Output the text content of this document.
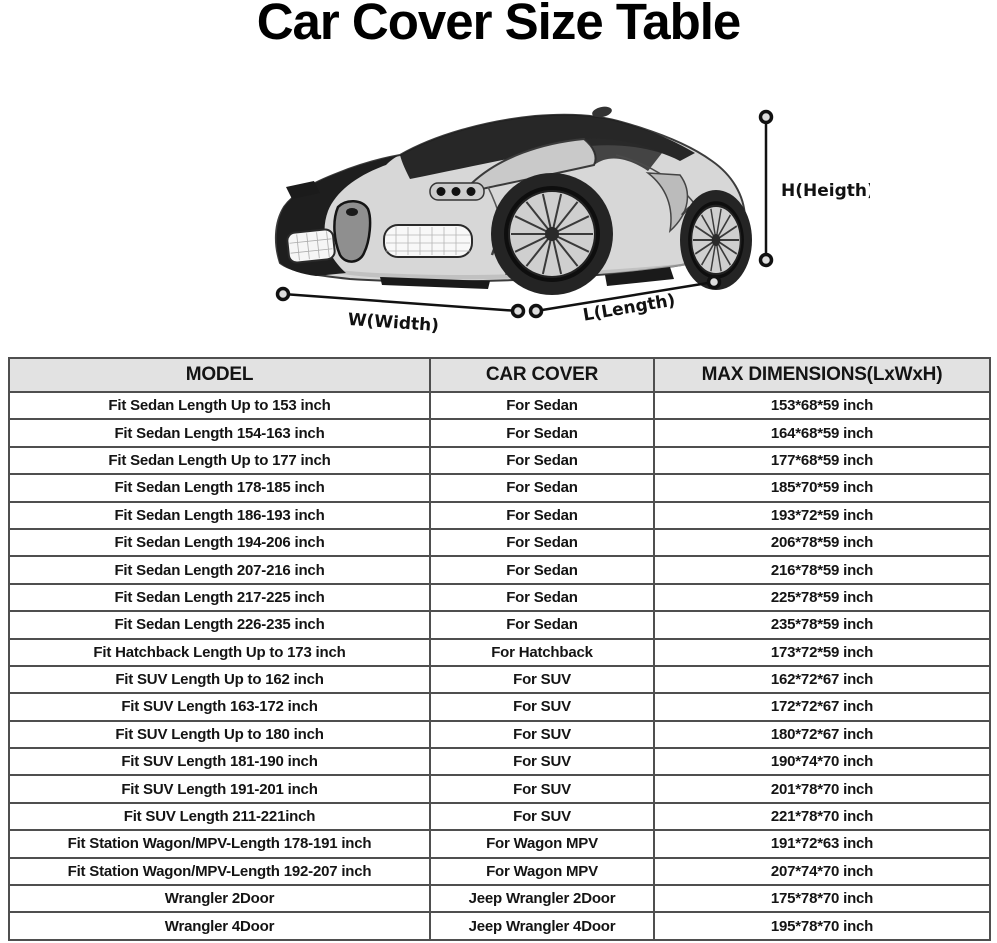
Car Cover Size Table
W(Width)	L(Length)
H(Heigth)
MODEL	CAR COVER	MAX DIMENSIONS(LxWxH)
Fit Sedan Length Up to 153 inch	For Sedan	153*68*59 inch
Fit Sedan Length 154-163 inch	For Sedan	164*68*59 inch
Fit Sedan Length Up to 177 inch	For Sedan	177*68*59 inch
Fit Sedan Length 178-185 inch	For Sedan	185*70*59 inch
Fit Sedan Length 186-193 inch	For Sedan	193*72*59 inch
Fit Sedan Length 194-206 inch	For Sedan	206*78*59 inch
Fit Sedan Length 207-216 inch	For Sedan	216*78*59 inch
Fit Sedan Length 217-225 inch	For Sedan	225*78*59 inch
Fit Sedan Length 226-235 inch	For Sedan	235*78*59 inch
Fit Hatchback Length Up to 173 inch	For Hatchback	173*72*59 inch
Fit SUV Length Up to 162 inch	For SUV	162*72*67 inch
Fit SUV Length 163-172 inch	For SUV	172*72*67 inch
Fit SUV Length Up to 180 inch	For SUV	180*72*67 inch
Fit SUV Length 181-190 inch	For SUV	190*74*70 inch
Fit SUV Length 191-201 inch	For SUV	201*78*70 inch
Fit SUV Length 211-221inch	For SUV	221*78*70 inch
Fit Station Wagon/MPV-Length 178-191 inch	For Wagon MPV	191*72*63 inch
Fit Station Wagon/MPV-Length 192-207 inch	For Wagon MPV	207*74*70 inch
Wrangler 2Door	Jeep Wrangler 2Door	175*78*70 inch
Wrangler 4Door	Jeep Wrangler 4Door	195*78*70 inch
